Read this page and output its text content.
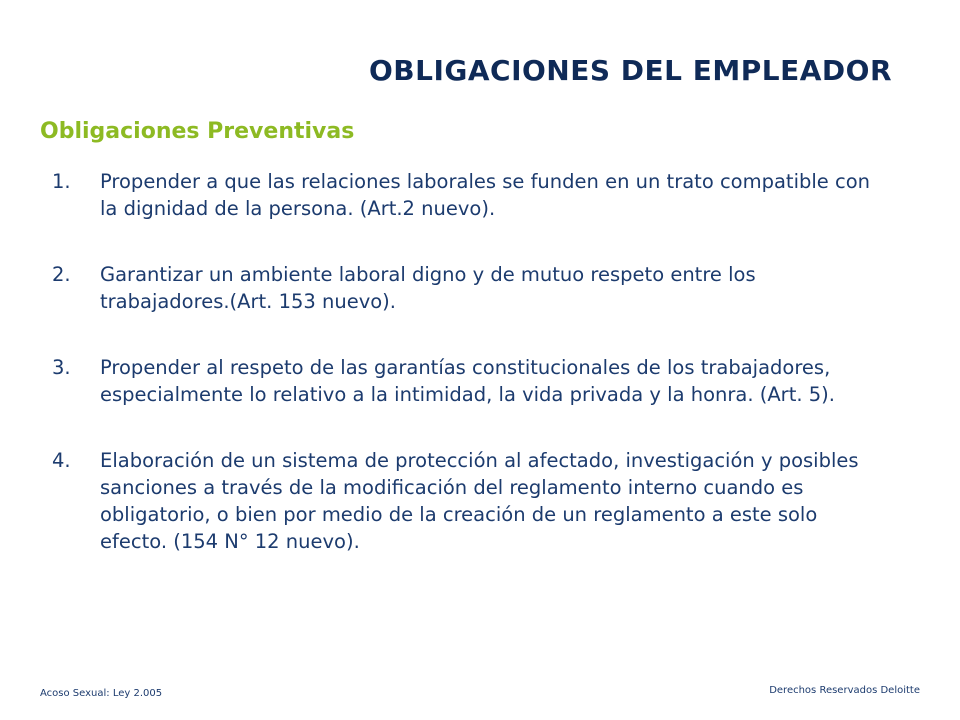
OBLIGACIONES DEL EMPLEADOR
Obligaciones Preventivas
1.	Propender a que las relaciones laborales se funden en un trato compatible con la dignidad de la persona. (Art.2 nuevo).
2.	Garantizar un ambiente laboral digno y de mutuo respeto entre los trabajadores.(Art. 153 nuevo).
3.	Propender al respeto de las garantías constitucionales de los trabajadores, especialmente lo relativo a la intimidad, la vida privada y la honra. (Art. 5).
4.	Elaboración de un sistema de protección al afectado, investigación y posibles sanciones a través de la modificación del reglamento interno cuando es obligatorio, o bien por medio de la creación de un reglamento a este solo efecto. (154 N° 12 nuevo).
Acoso Sexual: Ley 2.005	Derechos Reservados Deloitte
